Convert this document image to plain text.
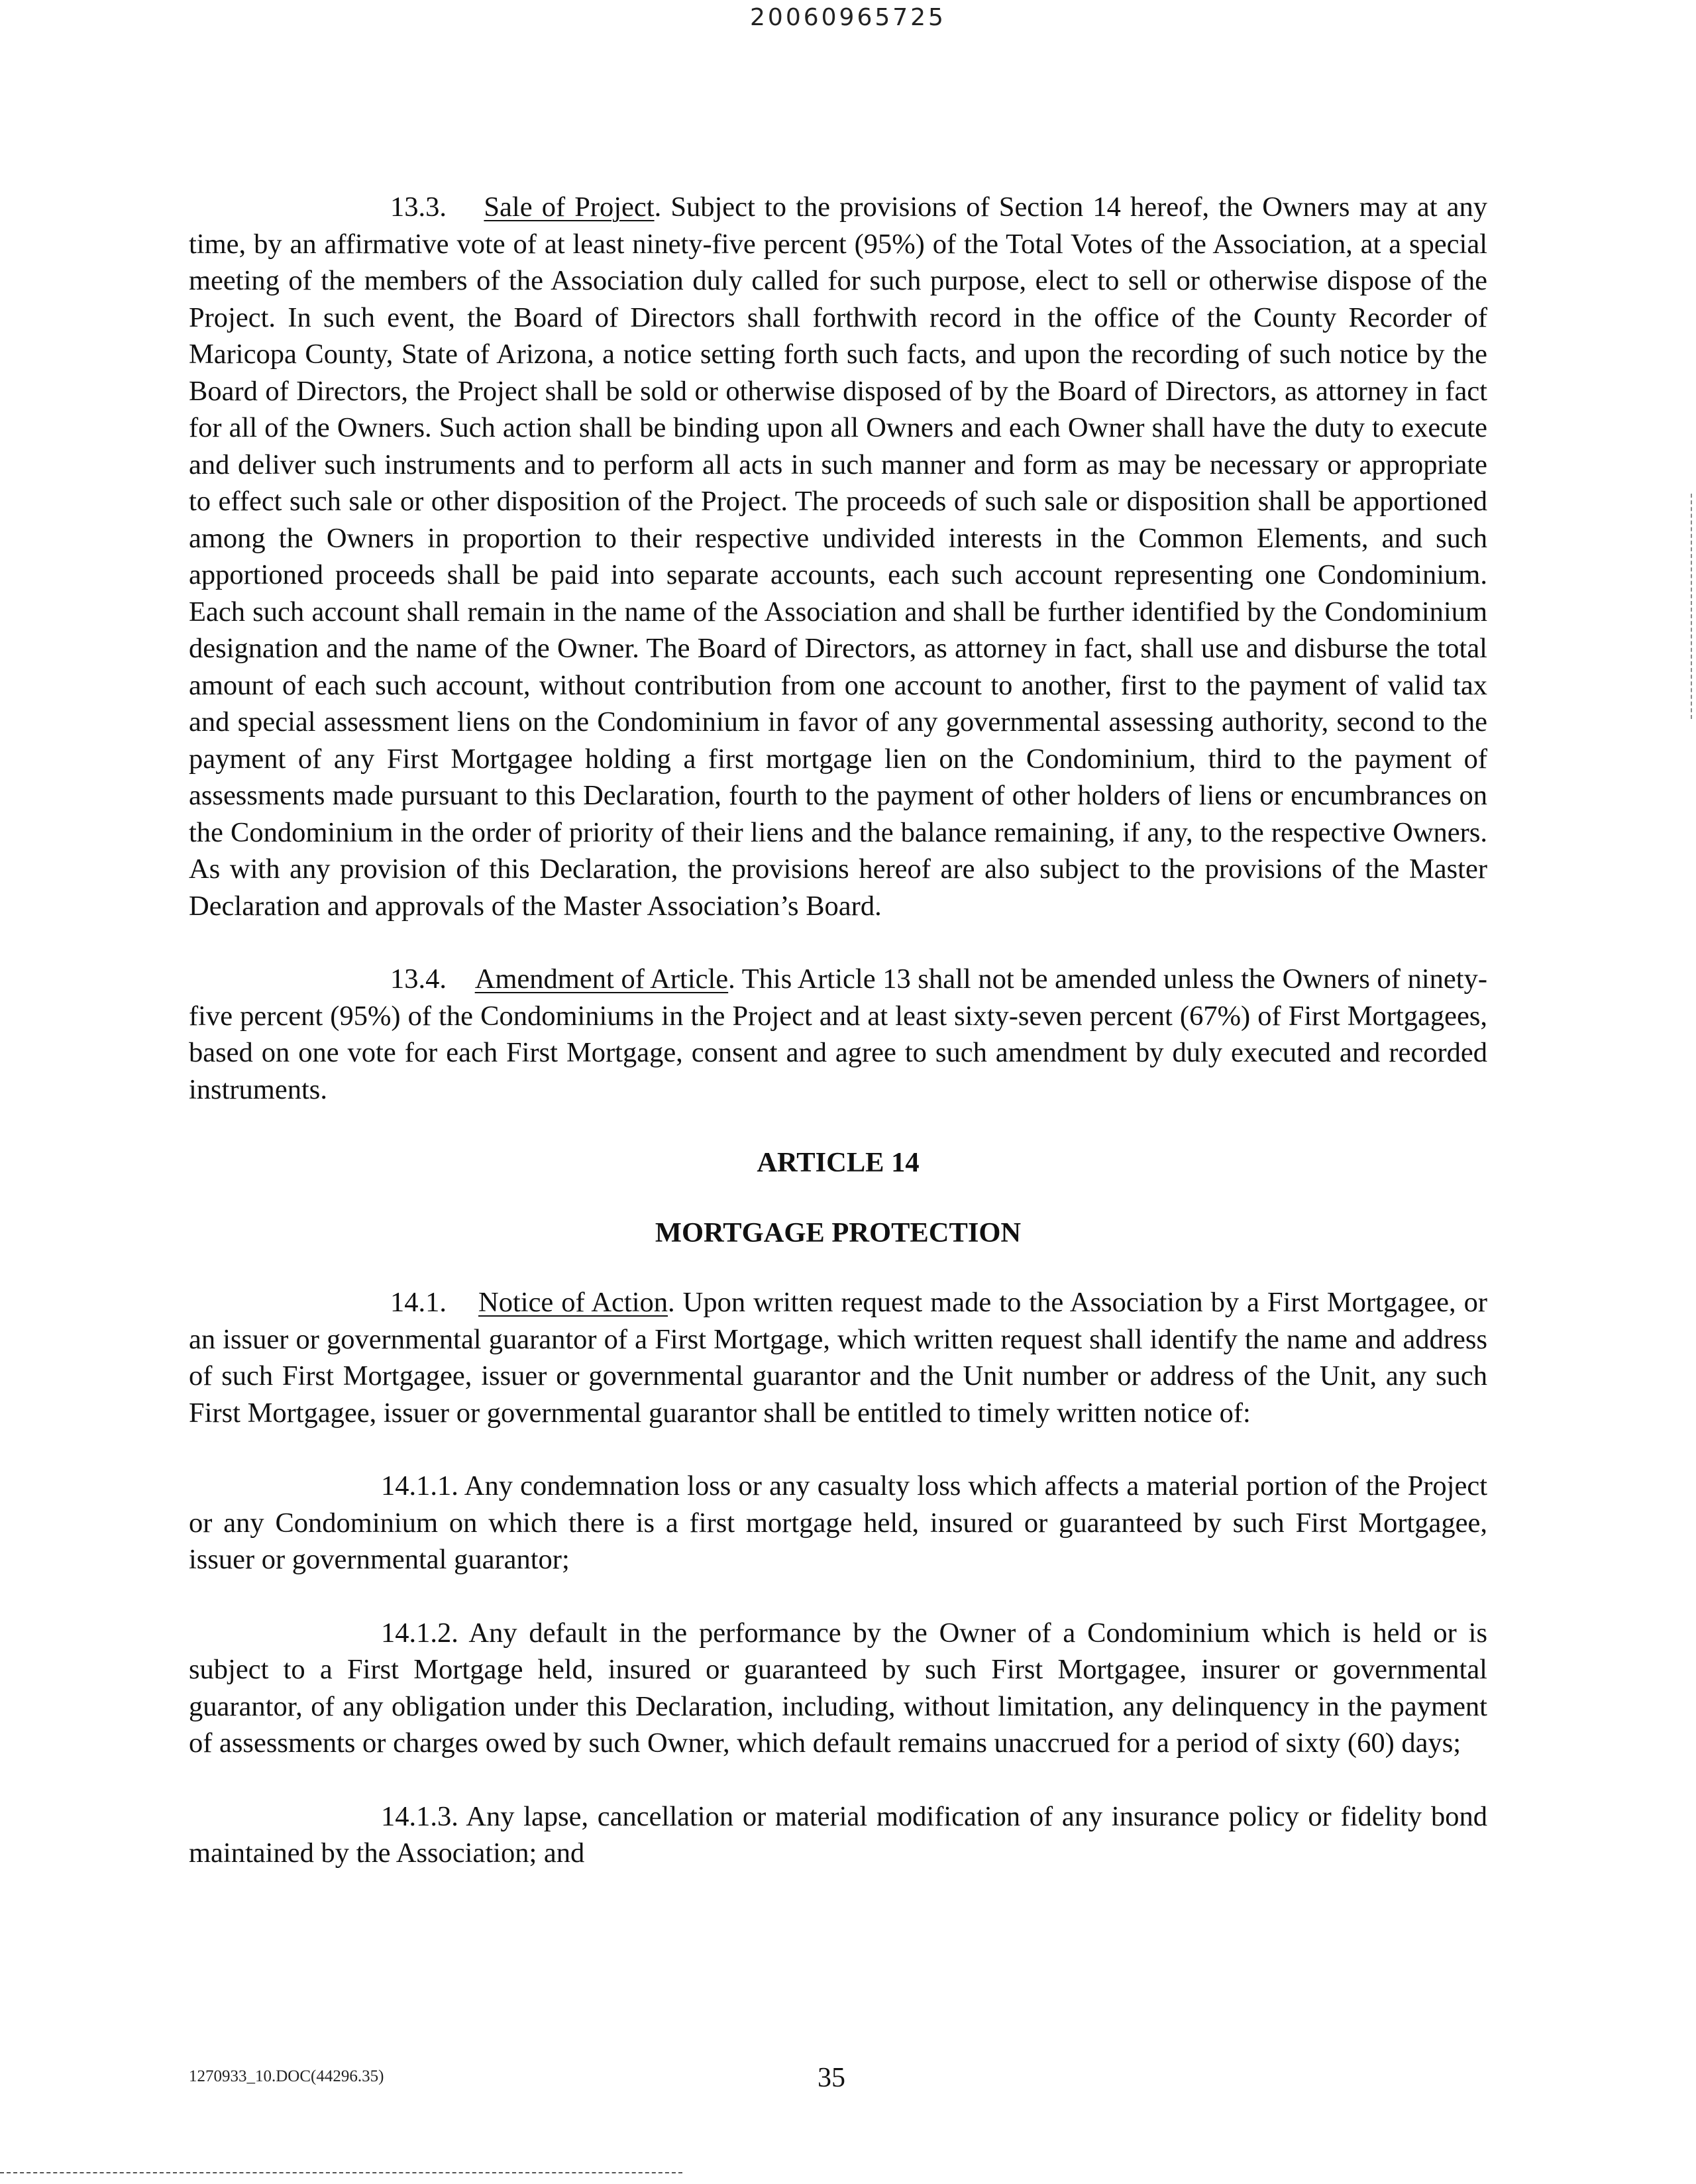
20060965725

13.3. Sale of Project. Subject to the provisions of Section 14 hereof, the Owners may at any time, by an affirmative vote of at least ninety-five percent (95%) of the Total Votes of the Association, at a special meeting of the members of the Association duly called for such purpose, elect to sell or otherwise dispose of the Project. In such event, the Board of Directors shall forthwith record in the office of the County Recorder of Maricopa County, State of Arizona, a notice setting forth such facts, and upon the recording of such notice by the Board of Directors, the Project shall be sold or otherwise disposed of by the Board of Directors, as attorney in fact for all of the Owners. Such action shall be binding upon all Owners and each Owner shall have the duty to execute and deliver such instruments and to perform all acts in such manner and form as may be necessary or appropriate to effect such sale or other disposition of the Project. The proceeds of such sale or disposition shall be apportioned among the Owners in proportion to their respective undivided interests in the Common Elements, and such apportioned proceeds shall be paid into separate accounts, each such account representing one Condominium. Each such account shall remain in the name of the Association and shall be further identified by the Condominium designation and the name of the Owner. The Board of Directors, as attorney in fact, shall use and disburse the total amount of each such account, without contribution from one account to another, first to the payment of valid tax and special assessment liens on the Condominium in favor of any governmental assessing authority, second to the payment of any First Mortgagee holding a first mortgage lien on the Condominium, third to the payment of assessments made pursuant to this Declaration, fourth to the payment of other holders of liens or encumbrances on the Condominium in the order of priority of their liens and the balance remaining, if any, to the respective Owners. As with any provision of this Declaration, the provisions hereof are also subject to the provisions of the Master Declaration and approvals of the Master Association’s Board.

13.4. Amendment of Article. This Article 13 shall not be amended unless the Owners of ninety-five percent (95%) of the Condominiums in the Project and at least sixty-seven percent (67%) of First Mortgagees, based on one vote for each First Mortgage, consent and agree to such amendment by duly executed and recorded instruments.

ARTICLE 14

MORTGAGE PROTECTION

14.1. Notice of Action. Upon written request made to the Association by a First Mortgagee, or an issuer or governmental guarantor of a First Mortgage, which written request shall identify the name and address of such First Mortgagee, issuer or governmental guarantor and the Unit number or address of the Unit, any such First Mortgagee, issuer or governmental guarantor shall be entitled to timely written notice of:

14.1.1. Any condemnation loss or any casualty loss which affects a material portion of the Project or any Condominium on which there is a first mortgage held, insured or guaranteed by such First Mortgagee, issuer or governmental guarantor;

14.1.2. Any default in the performance by the Owner of a Condominium which is held or is subject to a First Mortgage held, insured or guaranteed by such First Mortgagee, insurer or governmental guarantor, of any obligation under this Declaration, including, without limitation, any delinquency in the payment of assessments or charges owed by such Owner, which default remains unaccrued for a period of sixty (60) days;

14.1.3. Any lapse, cancellation or material modification of any insurance policy or fidelity bond maintained by the Association; and

1270933_10.DOC(44296.35)	35
